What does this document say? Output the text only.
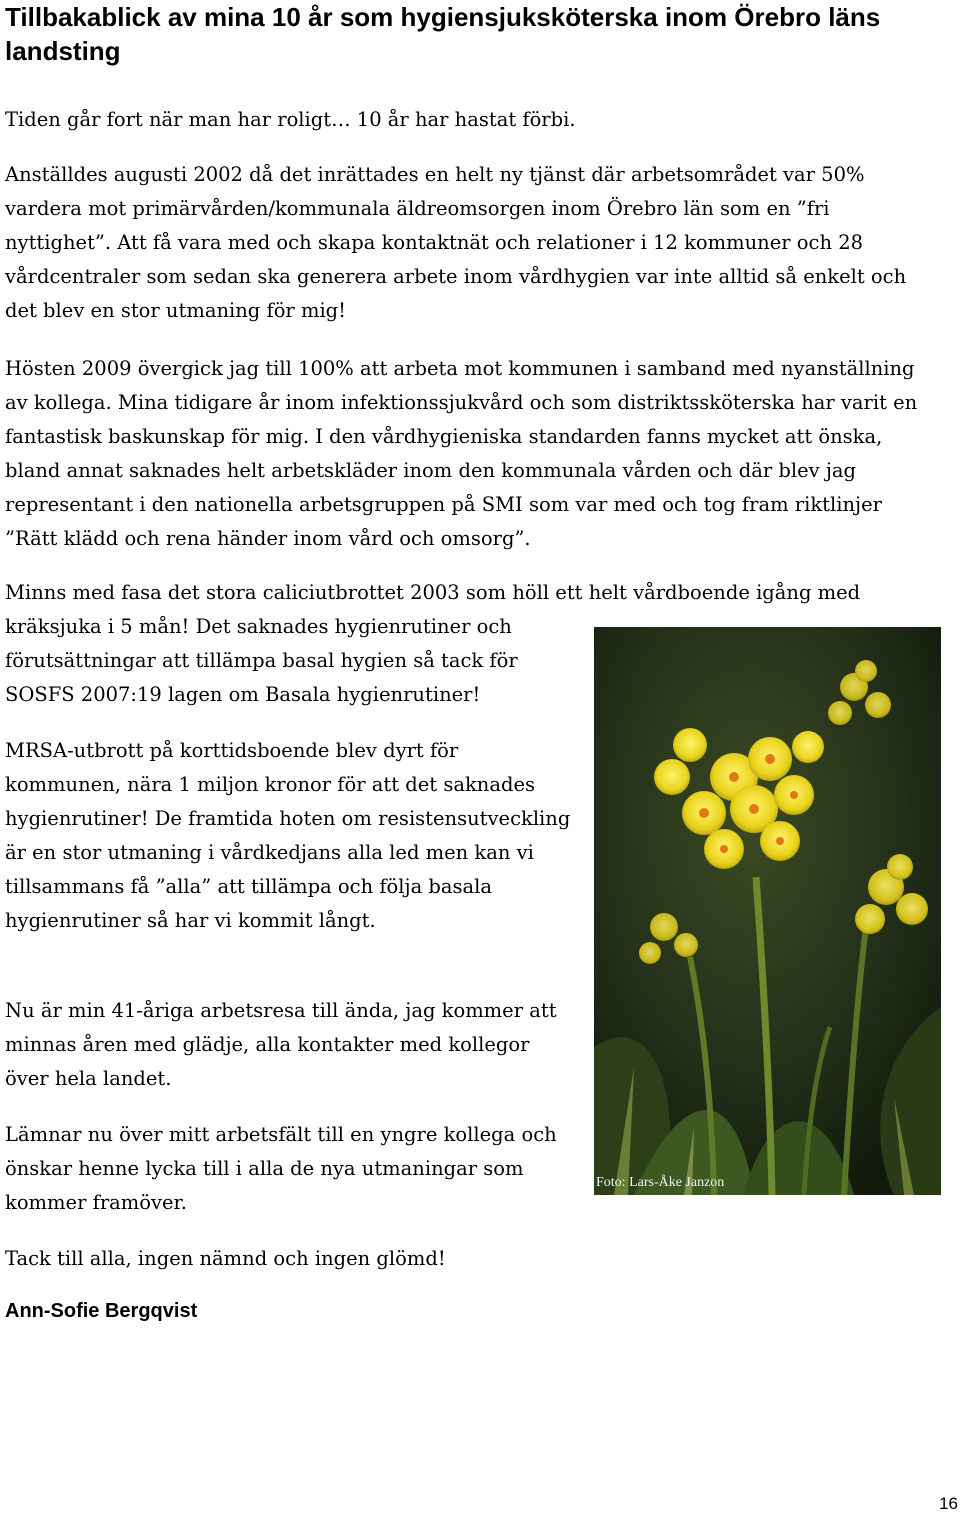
Tillbakablick av mina 10 år som hygiensjuksköterska inom Örebro läns landsting

Tiden går fort när man har roligt… 10 år har hastat förbi.

Anställdes augusti 2002 då det inrättades en helt ny tjänst där arbetsområdet var 50% vardera mot primärvården/kommunala äldreomsorgen inom Örebro län som en ”fri nyttighet”. Att få vara med och skapa kontaktnät och relationer i 12 kommuner och 28 vårdcentraler som sedan ska generera arbete inom vårdhygien var inte alltid så enkelt och det blev en stor utmaning för mig!

Hösten 2009 övergick jag till 100% att arbeta mot kommunen i samband med nyanställning av kollega. Mina tidigare år inom infektionssjukvård och som distriktssköterska har varit en fantastisk baskunskap för mig. I den vårdhygieniska standarden fanns mycket att önska, bland annat saknades helt arbetskläder inom den kommunala vården och där blev jag representant i den nationella arbetsgruppen på SMI som var med och tog fram riktlinjer ”Rätt klädd och rena händer inom vård och omsorg”.

Minns med fasa det stora caliciutbrottet 2003 som höll ett helt vårdboende igång med

kräksjuka i 5 mån! Det saknades hygienrutiner och förutsättningar att tillämpa basal hygien så tack för SOSFS 2007:19 lagen om Basala hygienrutiner!

MRSA-utbrott på korttidsboende blev dyrt för kommunen, nära 1 miljon kronor för att det saknades hygienrutiner! De framtida hoten om resistensutveckling är en stor utmaning i vårdkedjans alla led men kan vi tillsammans få ”alla” att tillämpa och följa basala hygienrutiner så har vi kommit långt.

Nu är min 41-åriga arbetsresa till ända, jag kommer att minnas åren med glädje, alla kontakter med kollegor över hela landet.

Lämnar nu över mitt arbetsfält till en yngre kollega och önskar henne lycka till i alla de nya utmaningar som kommer framöver.

Tack till alla, ingen nämnd och ingen glömd!

Ann-Sofie Bergqvist

Foto: Lars-Åke Janzon

16
